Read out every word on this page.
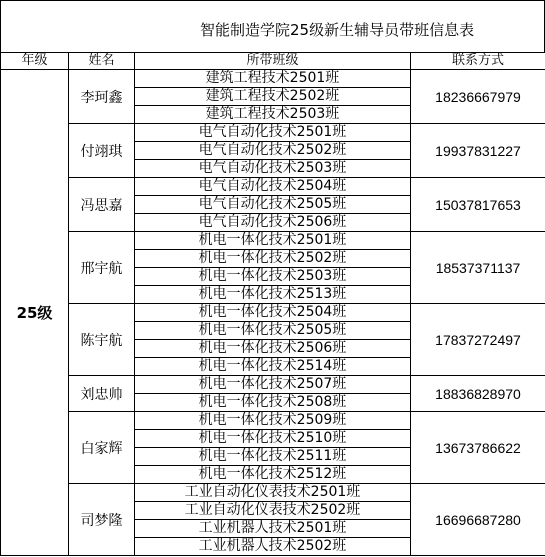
智能制造学院25级新生辅导员带班信息表
年级	姓名	所带班级	联系方式
25级	李珂鑫	建筑工程技术2501班	18236667979
		建筑工程技术2502班	
		建筑工程技术2503班	
	付翊琪	电气自动化技术2501班	19937831227
		电气自动化技术2502班	
		电气自动化技术2503班	
	冯思嘉	电气自动化技术2504班	15037817653
		电气自动化技术2505班	
		电气自动化技术2506班	
	邢宇航	机电一体化技术2501班	18537371137
		机电一体化技术2502班	
		机电一体化技术2503班	
		机电一体化技术2513班	
	陈宇航	机电一体化技术2504班	17837272497
		机电一体化技术2505班	
		机电一体化技术2506班	
		机电一体化技术2514班	
	刘忠帅	机电一体化技术2507班	18836828970
		机电一体化技术2508班	
	白家辉	机电一体化技术2509班	13673786622
		机电一体化技术2510班	
		机电一体化技术2511班	
		机电一体化技术2512班	
	司梦隆	工业自动化仪表技术2501班	16696687280
		工业自动化仪表技术2502班	
		工业机器人技术2501班	
		工业机器人技术2502班	
